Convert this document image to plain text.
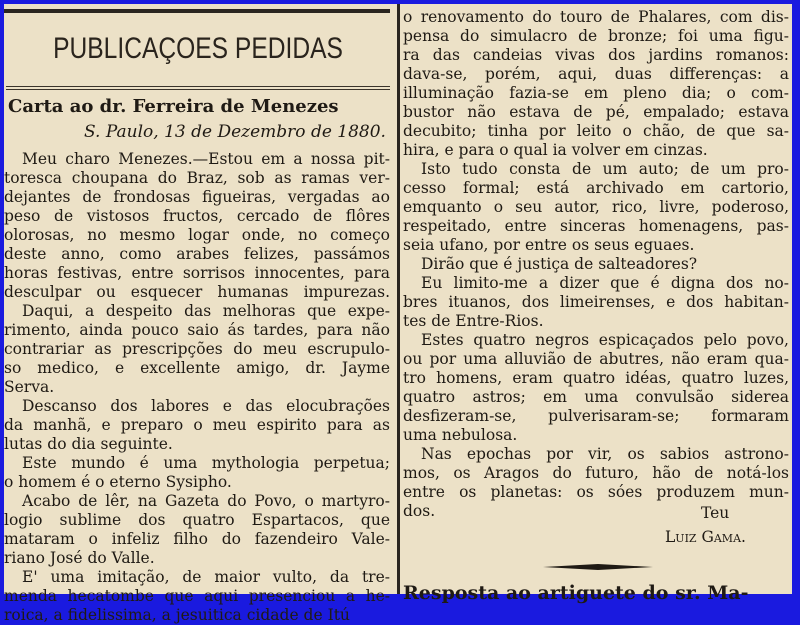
PUBLICAÇOES PEDIDAS
Carta ao dr. Ferreira de Menezes
S. Paulo, 13 de Dezembro de 1880.
Meu charo Menezes.—Estou em a nossa pit-
toresca choupana do Braz, sob as ramas ver-
dejantes de frondosas figueiras, vergadas ao
peso de vistosos fructos, cercado de flôres
olorosas, no mesmo logar onde, no começo
deste anno, como arabes felizes, passámos
horas festivas, entre sorrisos innocentes, para
desculpar ou esquecer humanas impurezas.
Daqui, a despeito das melhoras que expe-
rimento, ainda pouco saio ás tardes, para não
contrariar as prescripções do meu escrupulo-
so medico, e excellente amigo, dr. Jayme
Serva.
Descanso dos labores e das elocubrações
da manhã, e preparo o meu espirito para as
lutas do dia seguinte.
Este mundo é uma mythologia perpetua;
o homem é o eterno Sysipho.
Acabo de lêr, na Gazeta do Povo, o martyro-
logio sublime dos quatro Espartacos, que
mataram o infeliz filho do fazendeiro Vale-
riano José do Valle.
E' uma imitação, de maior vulto, da tre-
menda hecatombe que aqui presenciou a he-
roica, a fidelissima, a jesuitica cidade de Itú
o renovamento do touro de Phalares, com dis-
pensa do simulacro de bronze; foi uma figu-
ra das candeias vivas dos jardins romanos:
dava-se, porém, aqui, duas differenças: a
illuminação fazia-se em pleno dia; o com-
bustor não estava de pé, empalado; estava
decubito; tinha por leito o chão, de que sa-
hira, e para o qual ia volver em cinzas.
Isto tudo consta de um auto; de um pro-
cesso formal; está archivado em cartorio,
emquanto o seu autor, rico, livre, poderoso,
respeitado, entre sinceras homenagens, pas-
seia ufano, por entre os seus eguaes.
Dirão que é justiça de salteadores?
Eu limito-me a dizer que é digna dos no-
bres ituanos, dos limeirenses, e dos habitan-
tes de Entre-Rios.
Estes quatro negros espicaçados pelo povo,
ou por uma alluvião de abutres, não eram qua-
tro homens, eram quatro idéas, quatro luzes,
quatro astros; em uma convulsão siderea
desfizeram-se, pulverisaram-se; formaram
uma nebulosa.
Nas epochas por vir, os sabios astrono-
mos, os Aragos do futuro, hão de notá-los
entre os planetas: os sóes produzem mun-
dos.	Teu
Luiz Gama.
Resposta ao artiguete do sr. Ma-
